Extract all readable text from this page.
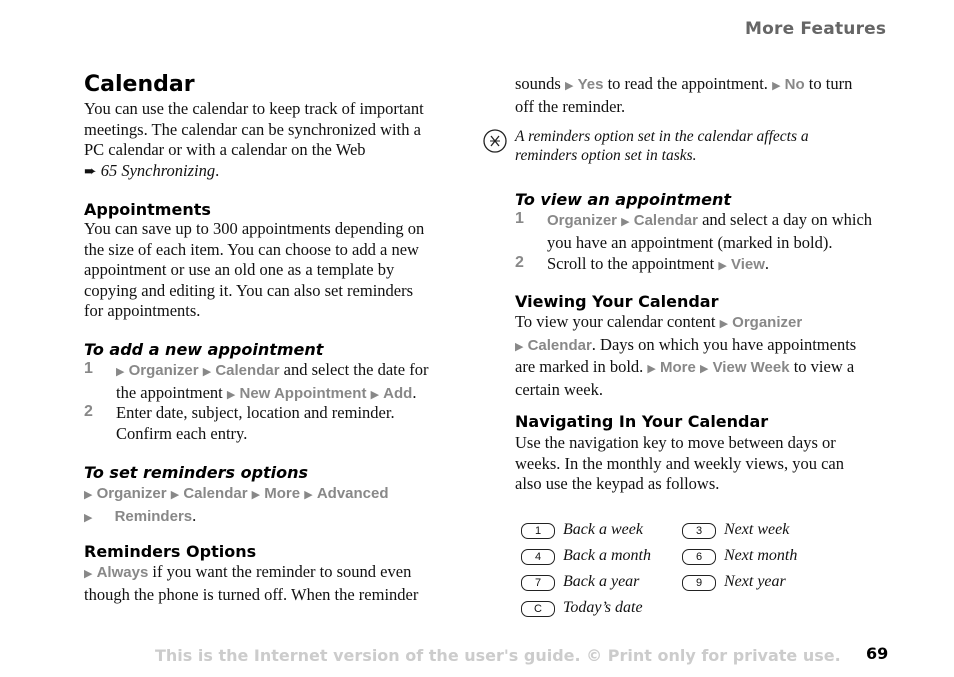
More Features
Calendar
You can use the calendar to keep track of important
meetings. The calendar can be synchronized with a
PC calendar or with a calendar on the Web
➨ 65 Synchronizing.
Appointments
You can save up to 300 appointments depending on
the size of each item. You can choose to add a new
appointment or use an old one as a template by
copying and editing it. You can also set reminders
for appointments.
To add a new appointment
1 ▶ Organizer ▶ Calendar and select the date for
the appointment ▶ New Appointment ▶ Add.
2 Enter date, subject, location and reminder.
Confirm each entry.
To set reminders options
▶ Organizer ▶ Calendar ▶ More ▶ Advanced
▶ Reminders.
Reminders Options
▶ Always if you want the reminder to sound even
though the phone is turned off. When the reminder
sounds ▶ Yes to read the appointment. ▶ No to turn
off the reminder.
A reminders option set in the calendar affects a
reminders option set in tasks.
To view an appointment
1 Organizer ▶ Calendar and select a day on which
you have an appointment (marked in bold).
2 Scroll to the appointment ▶ View.
Viewing Your Calendar
To view your calendar content ▶ Organizer
▶ Calendar. Days on which you have appointments
are marked in bold. ▶ More ▶ View Week to view a
certain week.
Navigating In Your Calendar
Use the navigation key to move between days or
weeks. In the monthly and weekly views, you can
also use the keypad as follows.
1 Back a week	3 Next week
4 Back a month	6 Next month
7 Back a year	9 Next year
C Today’s date
This is the Internet version of the user's guide. © Print only for private use. 69
